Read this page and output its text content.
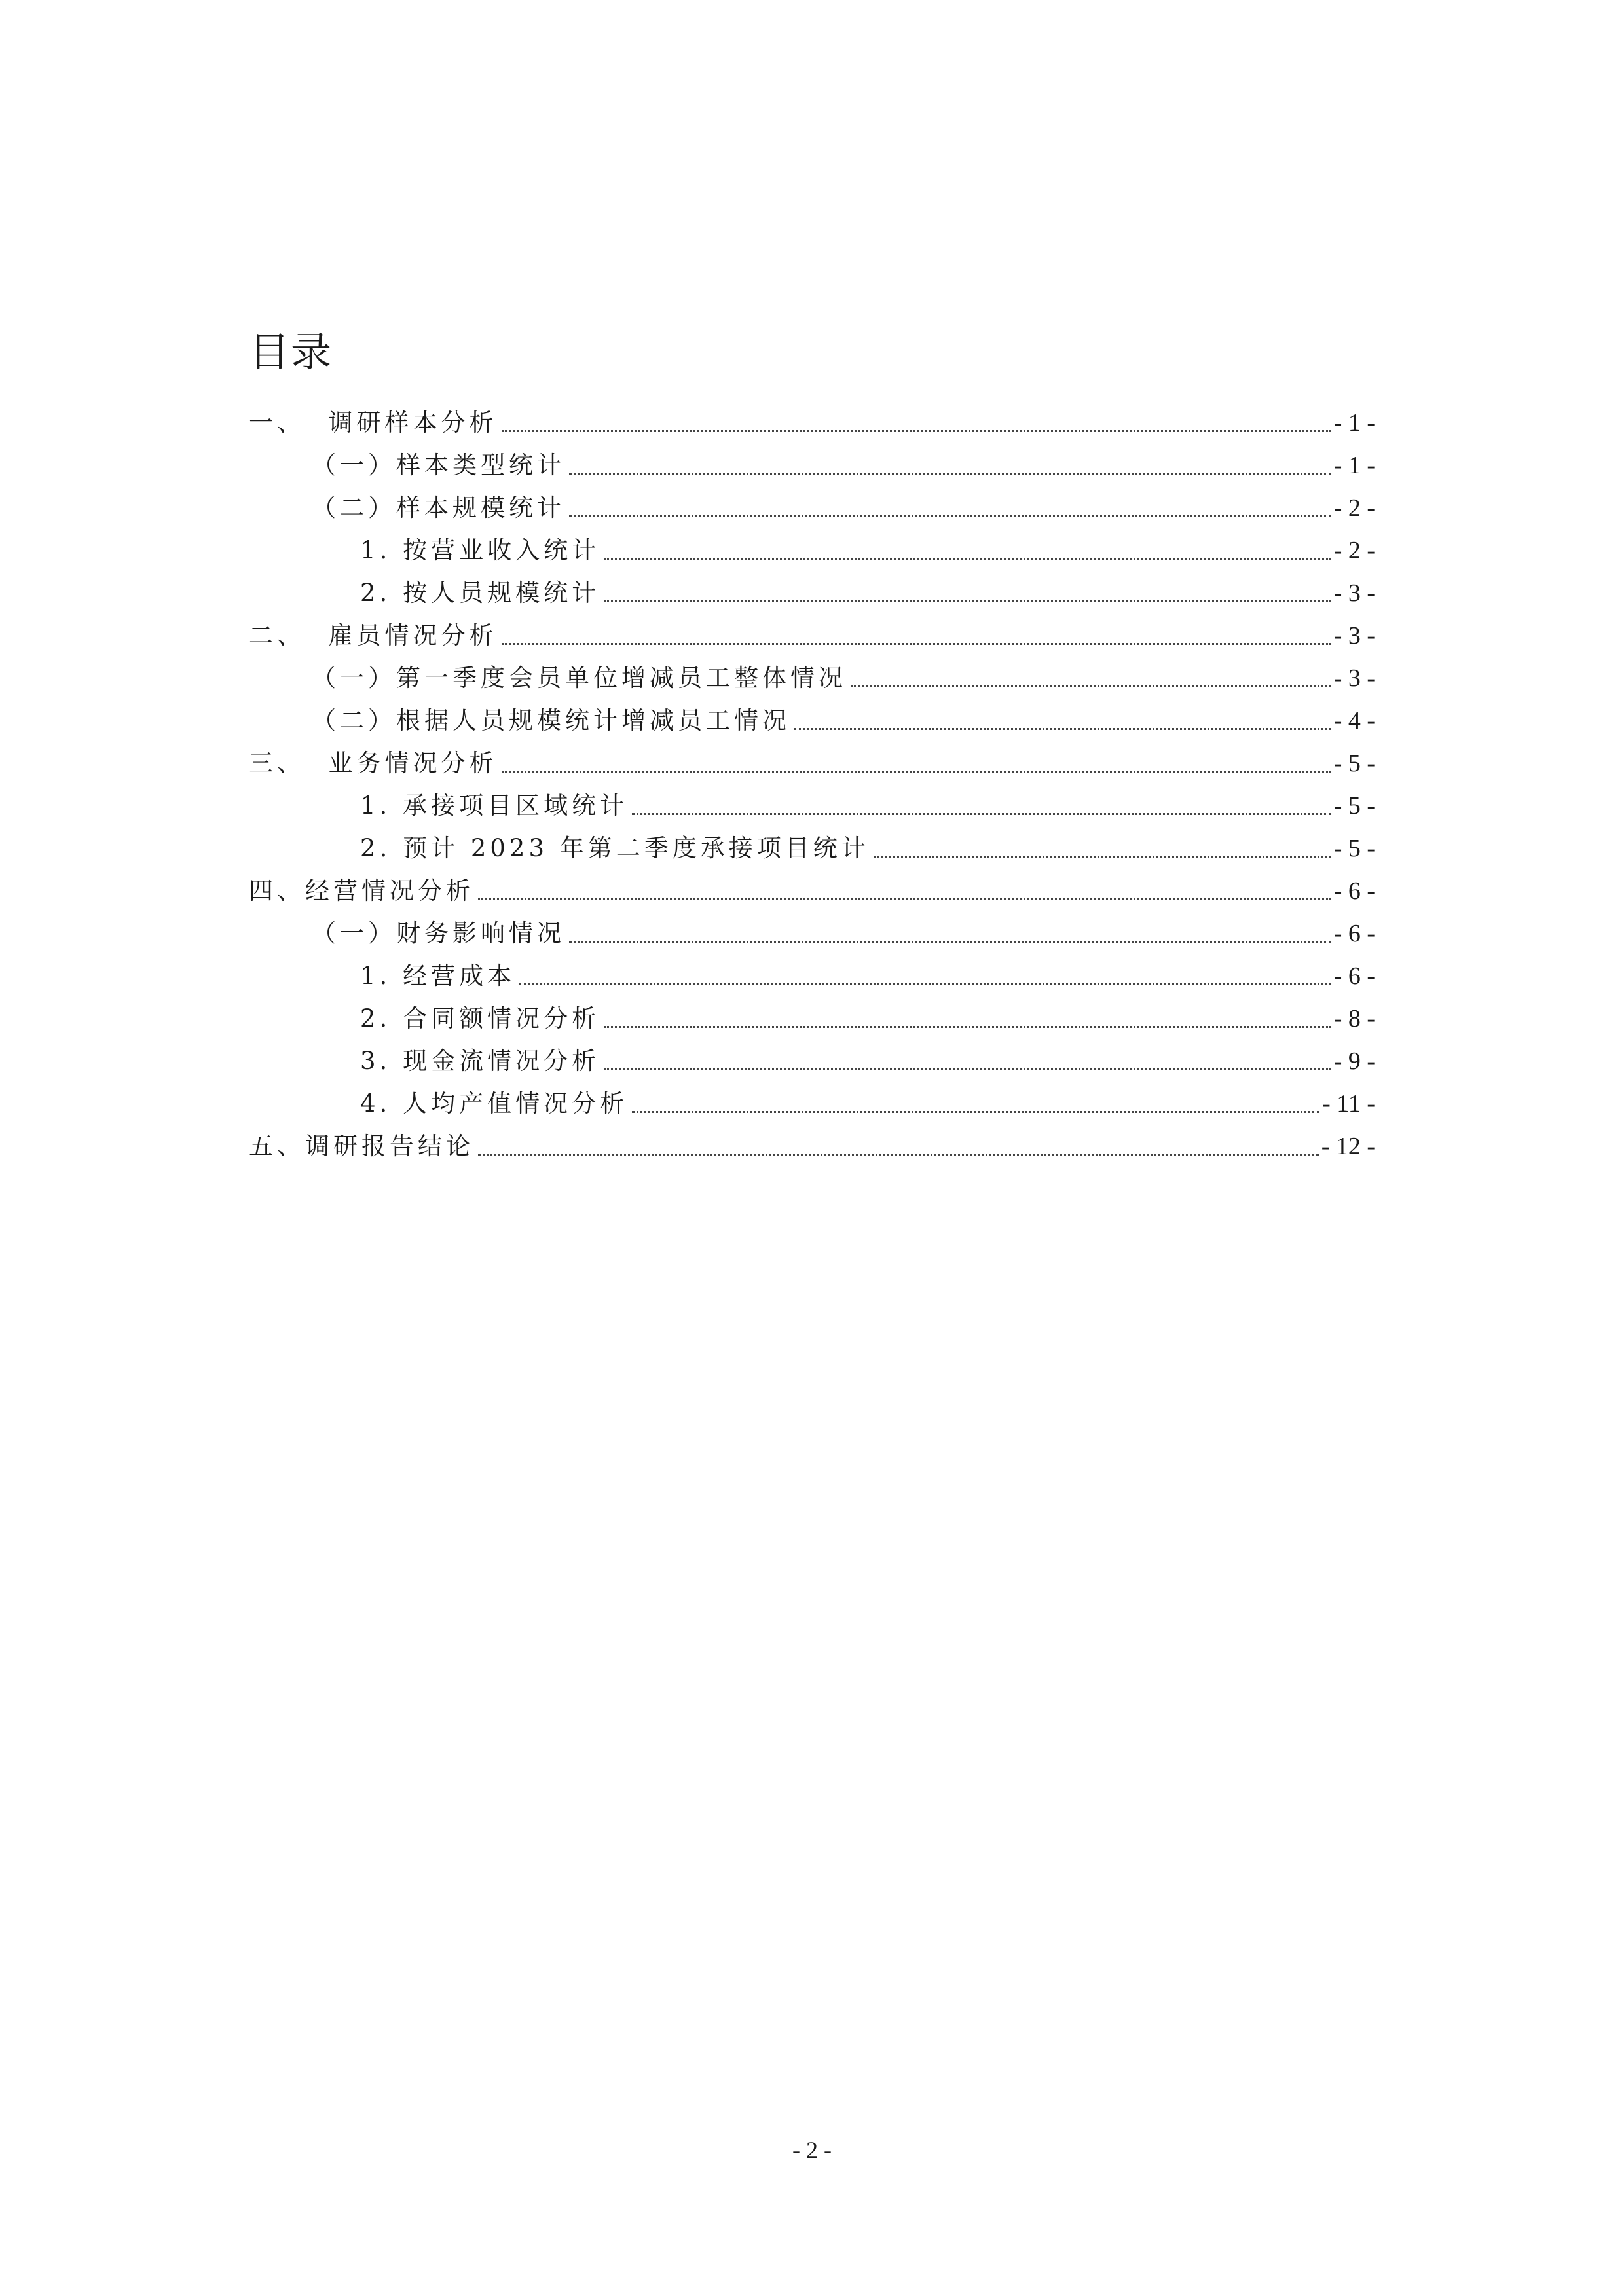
目录
一、  调研样本分析	- 1 -
（一）样本类型统计	- 1 -
（二）样本规模统计	- 2 -
1. 按营业收入统计	- 2 -
2. 按人员规模统计	- 3 -
二、  雇员情况分析	- 3 -
（一）第一季度会员单位增减员工整体情况	- 3 -
（二）根据人员规模统计增减员工情况	- 4 -
三、  业务情况分析	- 5 -
1. 承接项目区域统计	- 5 -
2. 预计 2023 年第二季度承接项目统计	- 5 -
四、经营情况分析	- 6 -
（一）财务影响情况	- 6 -
1. 经营成本	- 6 -
2. 合同额情况分析	- 8 -
3. 现金流情况分析	- 9 -
4. 人均产值情况分析	- 11 -
五、调研报告结论	- 12 -
- 2 -
